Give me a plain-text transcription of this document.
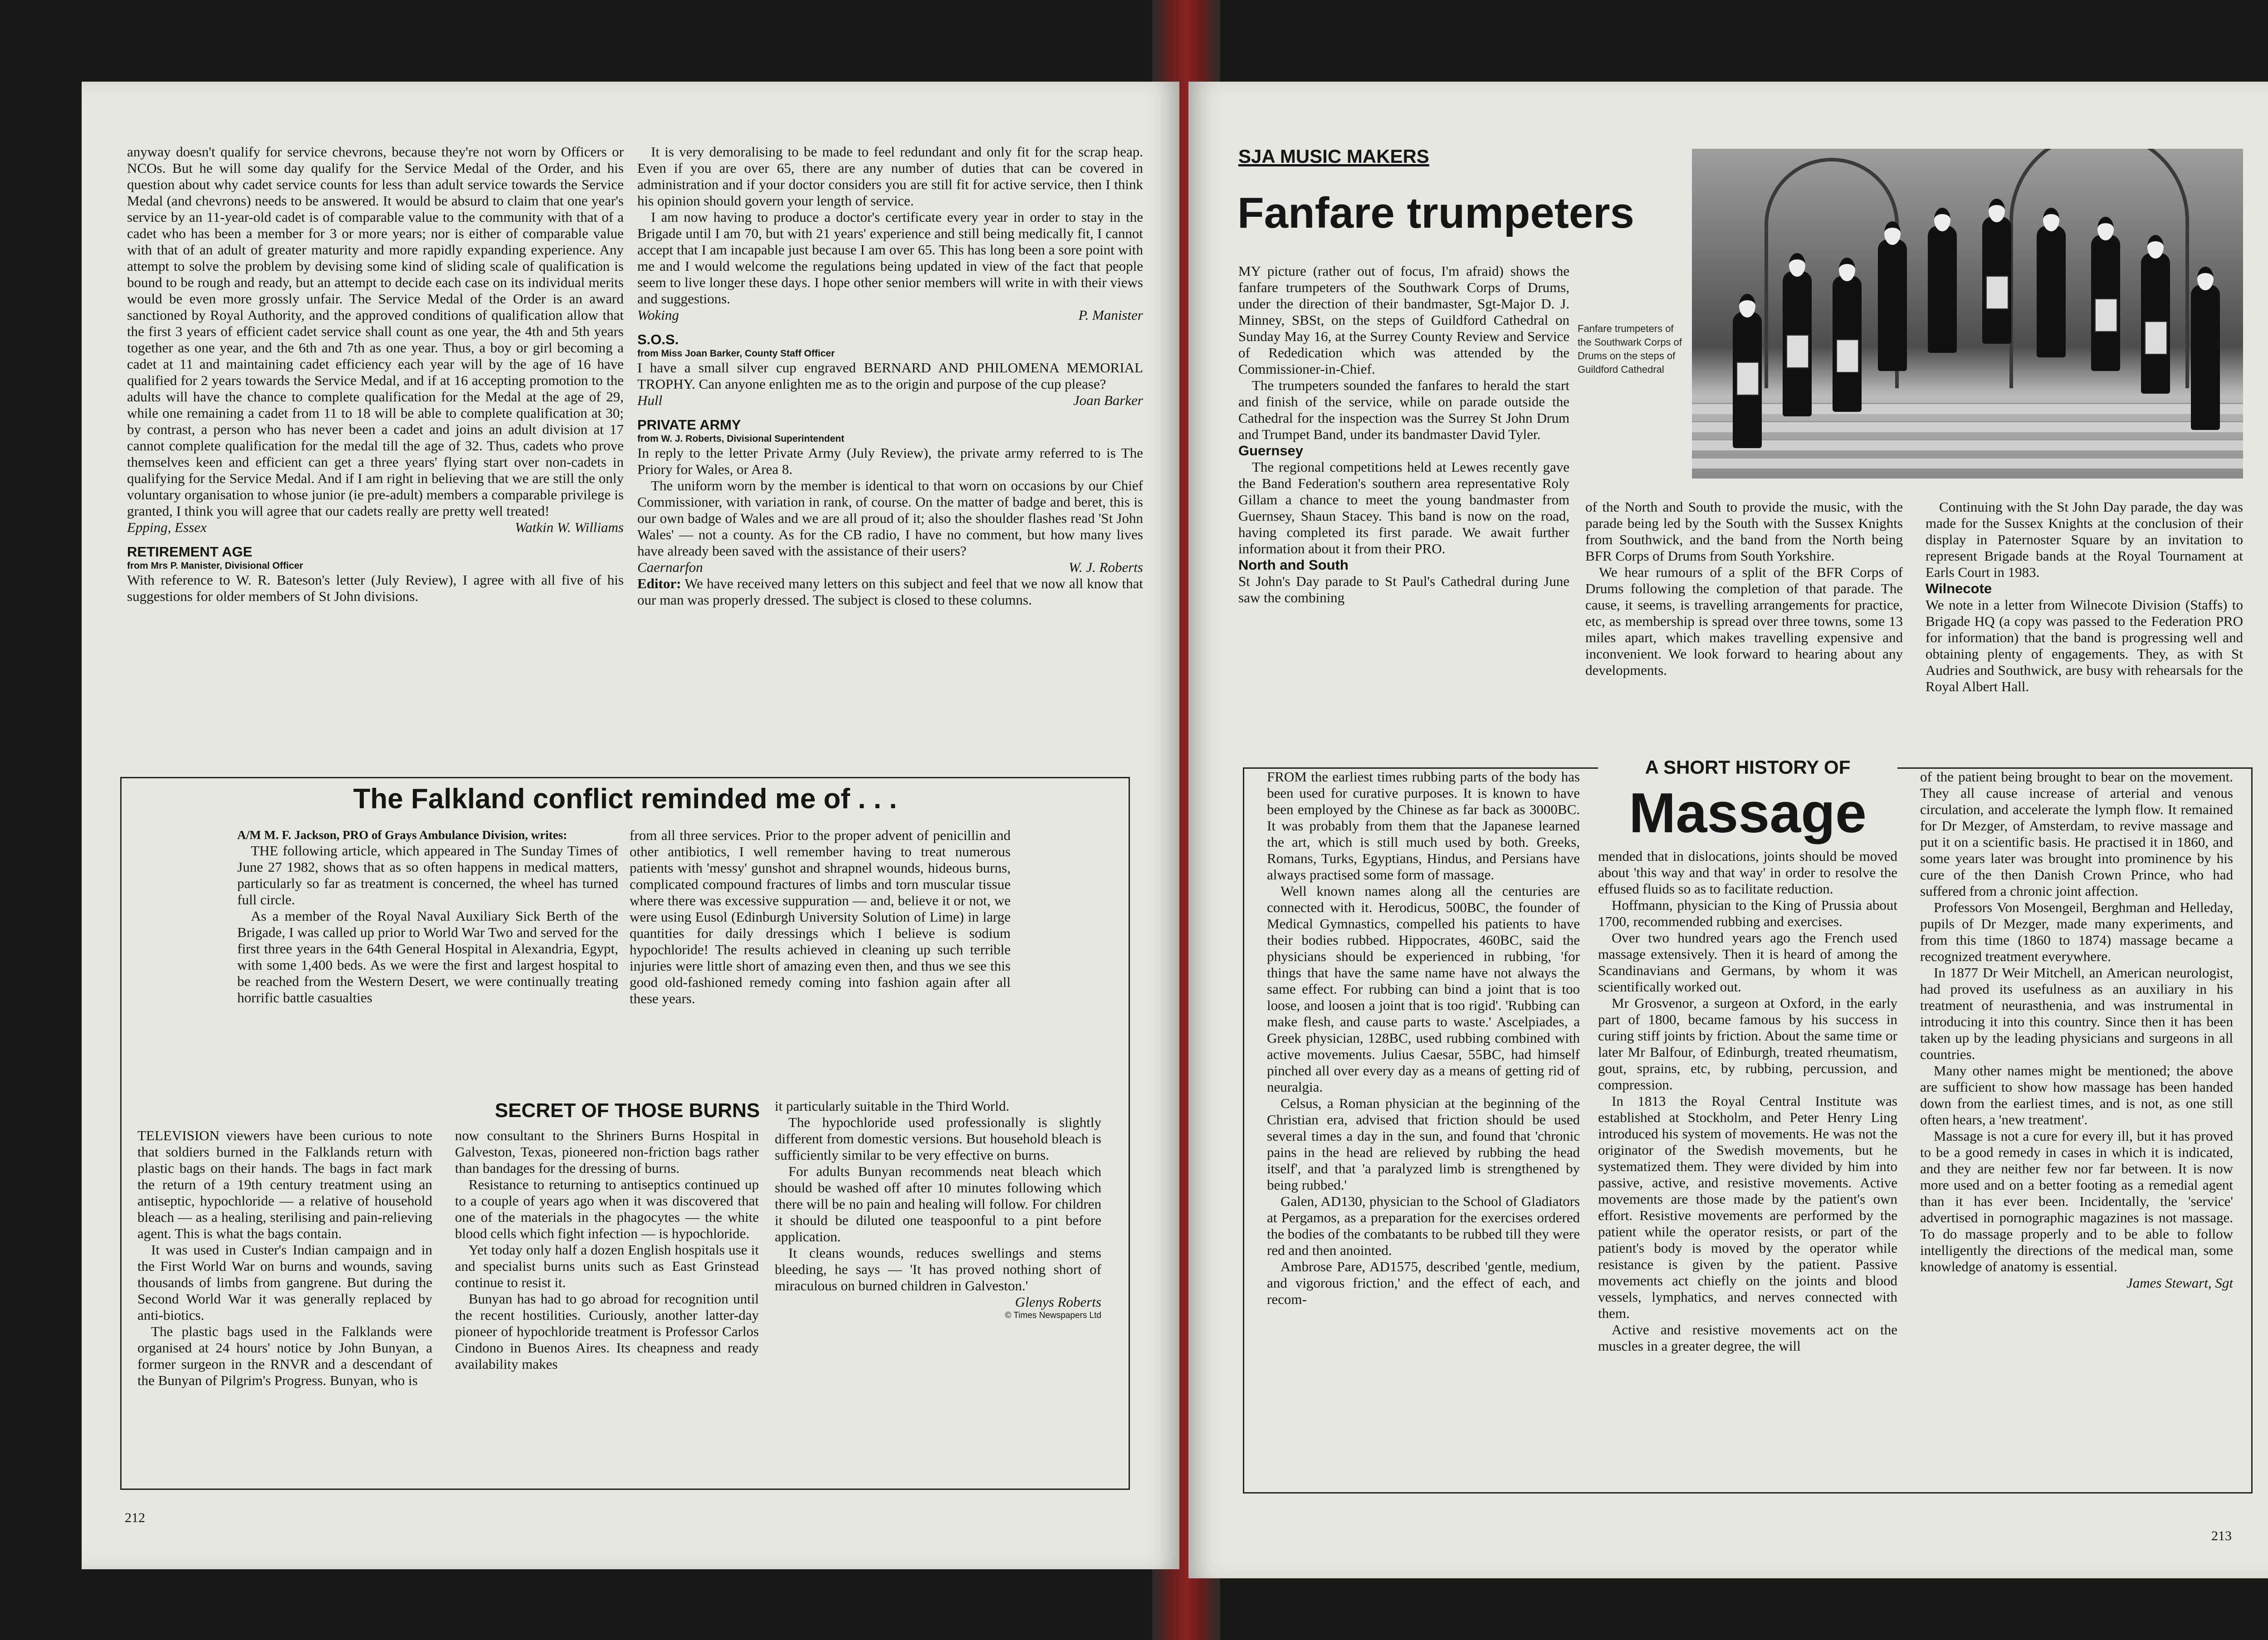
anyway doesn't qualify for service chevrons, because they're not worn by Officers or NCOs. But he will some day qualify for the Service Medal of the Order, and his question about why cadet service counts for less than adult service towards the Service Medal (and chevrons) needs to be answered. It would be absurd to claim that one year's service by an 11-year-old cadet is of comparable value to the community with that of a cadet who has been a member for 3 or more years; nor is either of comparable value with that of an adult of greater maturity and more rapidly expanding experience. Any attempt to solve the problem by devising some kind of sliding scale of qualification is bound to be rough and ready, but an attempt to decide each case on its individual merits would be even more grossly unfair. The Service Medal of the Order is an award sanctioned by Royal Authority, and the approved conditions of qualification allow that the first 3 years of efficient cadet service shall count as one year, the 4th and 5th years together as one year, and the 6th and 7th as one year. Thus, a boy or girl becoming a cadet at 11 and maintaining cadet efficiency each year will by the age of 16 have qualified for 2 years towards the Service Medal, and if at 16 accepting promotion to the adults will have the chance to complete qualification for the Medal at the age of 29, while one remaining a cadet from 11 to 18 will be able to complete qualification at 30; by contrast, a person who has never been a cadet and joins an adult division at 17 cannot complete qualification for the medal till the age of 32. Thus, cadets who prove themselves keen and efficient can get a three years' flying start over non-cadets in qualifying for the Service Medal. And if I am right in believing that we are still the only voluntary organisation to whose junior (ie pre-adult) members a comparable privilege is granted, I think you will agree that our cadets really are pretty well treated!

Epping, Essex	Watkin W. Williams
RETIREMENT AGE
from Mrs P. Manister, Divisional Officer

With reference to W. R. Bateson's letter (July Review), I agree with all five of his suggestions for older members of St John divisions.

It is very demoralising to be made to feel redundant and only fit for the scrap heap. Even if you are over 65, there are any number of duties that can be covered in administration and if your doctor considers you are still fit for active service, then I think his opinion should govern your length of service.

I am now having to produce a doctor's certificate every year in order to stay in the Brigade until I am 70, but with 21 years' experience and still being medically fit, I cannot accept that I am incapable just because I am over 65. This has long been a sore point with me and I would welcome the regulations being updated in view of the fact that people seem to live longer these days. I hope other senior members will write in with their views and suggestions.

Woking	P. Manister
S.O.S.
from Miss Joan Barker, County Staff Officer

I have a small silver cup engraved BERNARD AND PHILOMENA MEMORIAL TROPHY. Can anyone enlighten me as to the origin and purpose of the cup please?

Hull	Joan Barker
PRIVATE ARMY
from W. J. Roberts, Divisional Superintendent

In reply to the letter Private Army (July Review), the private army referred to is The Priory for Wales, or Area 8.

The uniform worn by the member is identical to that worn on occasions by our Chief Commissioner, with variation in rank, of course. On the matter of badge and beret, this is our own badge of Wales and we are all proud of it; also the shoulder flashes read 'St John Wales' — not a county. As for the CB radio, I have no comment, but how many lives have already been saved with the assistance of their users?

Caernarfon	W. J. Roberts

Editor: We have received many letters on this subject and feel that we now all know that our man was properly dressed. The subject is closed to these columns.

The Falkland conflict reminded me of . . .

A/M M. F. Jackson, PRO of Grays Ambulance Division, writes:

THE following article, which appeared in The Sunday Times of June 27 1982, shows that as so often happens in medical matters, particularly so far as treatment is concerned, the wheel has turned full circle.

As a member of the Royal Naval Auxiliary Sick Berth of the Brigade, I was called up prior to World War Two and served for the first three years in the 64th General Hospital in Alexandria, Egypt, with some 1,400 beds. As we were the first and largest hospital to be reached from the Western Desert, we were continually treating horrific battle casualties

from all three services. Prior to the proper advent of penicillin and other antibiotics, I well remember having to treat numerous patients with 'messy' gunshot and shrapnel wounds, hideous burns, complicated compound fractures of limbs and torn muscular tissue where there was excessive suppuration — and, believe it or not, we were using Eusol (Edinburgh University Solution of Lime) in large quantities for daily dressings which I believe is sodium hypochloride! The results achieved in cleaning up such terrible injuries were little short of amazing even then, and thus we see this good old-fashioned remedy coming into fashion again after all these years.

SECRET OF THOSE BURNS

TELEVISION viewers have been curious to note that soldiers burned in the Falklands return with plastic bags on their hands. The bags in fact mark the return of a 19th century treatment using an antiseptic, hypochloride — a relative of household bleach — as a healing, sterilising and pain-relieving agent. This is what the bags contain.

It was used in Custer's Indian campaign and in the First World War on burns and wounds, saving thousands of limbs from gangrene. But during the Second World War it was generally replaced by anti-biotics.

The plastic bags used in the Falklands were organised at 24 hours' notice by John Bunyan, a former surgeon in the RNVR and a descendant of the Bunyan of Pilgrim's Progress. Bunyan, who is

now consultant to the Shriners Burns Hospital in Galveston, Texas, pioneered non-friction bags rather than bandages for the dressing of burns.

Resistance to returning to antiseptics continued up to a couple of years ago when it was discovered that one of the materials in the phagocytes — the white blood cells which fight infection — is hypochloride.

Yet today only half a dozen English hospitals use it and specialist burns units such as East Grinstead continue to resist it.

Bunyan has had to go abroad for recognition until the recent hostilities. Curiously, another latter-day pioneer of hypochloride treatment is Professor Carlos Cindono in Buenos Aires. Its cheapness and ready availability makes

it particularly suitable in the Third World.

The hypochloride used professionally is slightly different from domestic versions. But household bleach is sufficiently similar to be very effective on burns.

For adults Bunyan recommends neat bleach which should be washed off after 10 minutes following which there will be no pain and healing will follow. For children it should be diluted one teaspoonful to a pint before application.

It cleans wounds, reduces swellings and stems bleeding, he says — 'It has proved nothing short of miraculous on burned children in Galveston.'

Glenys Roberts
© Times Newspapers Ltd
212
SJA MUSIC MAKERS
Fanfare trumpeters
Fanfare trumpeters of the Southwark Corps of Drums on the steps of Guildford Cathedral

MY picture (rather out of focus, I'm afraid) shows the fanfare trumpeters of the Southwark Corps of Drums, under the direction of their bandmaster, Sgt-Major D. J. Minney, SBSt, on the steps of Guildford Cathedral on Sunday May 16, at the Surrey County Review and Service of Rededication which was attended by the Commissioner-in-Chief.

The trumpeters sounded the fanfares to herald the start and finish of the service, while on parade outside the Cathedral for the inspection was the Surrey St John Drum and Trumpet Band, under its bandmaster David Tyler.

Guernsey

The regional competitions held at Lewes recently gave the Band Federation's southern area representative Roly Gillam a chance to meet the young bandmaster from Guernsey, Shaun Stacey. This band is now on the road, having completed its first parade. We await further information about it from their PRO.

North and South

St John's Day parade to St Paul's Cathedral during June saw the combining

of the North and South to provide the music, with the parade being led by the South with the Sussex Knights from Southwick, and the band from the North being BFR Corps of Drums from South Yorkshire.

We hear rumours of a split of the BFR Corps of Drums following the completion of that parade. The cause, it seems, is travelling arrangements for practice, etc, as membership is spread over three towns, some 13 miles apart, which makes travelling expensive and inconvenient. We look forward to hearing about any developments.

Continuing with the St John Day parade, the day was made for the Sussex Knights at the conclusion of their display in Paternoster Square by an invitation to represent Brigade bands at the Royal Tournament at Earls Court in 1983.

Wilnecote

We note in a letter from Wilnecote Division (Staffs) to Brigade HQ (a copy was passed to the Federation PRO for information) that the band is progressing well and obtaining plenty of engagements. They, as with St Audries and Southwick, are busy with rehearsals for the Royal Albert Hall.

A SHORT HISTORY OF
Massage

FROM the earliest times rubbing parts of the body has been used for curative purposes. It is known to have been employed by the Chinese as far back as 3000BC. It was probably from them that the Japanese learned the art, which is still much used by both. Greeks, Romans, Turks, Egyptians, Hindus, and Persians have always practised some form of massage.

Well known names along all the centuries are connected with it. Herodicus, 500BC, the founder of Medical Gymnastics, compelled his patients to have their bodies rubbed. Hippocrates, 460BC, said the physicians should be experienced in rubbing, 'for things that have the same name have not always the same effect. For rubbing can bind a joint that is too loose, and loosen a joint that is too rigid'. 'Rubbing can make flesh, and cause parts to waste.' Ascelpiades, a Greek physician, 128BC, used rubbing combined with active movements. Julius Caesar, 55BC, had himself pinched all over every day as a means of getting rid of neuralgia.

Celsus, a Roman physician at the beginning of the Christian era, advised that friction should be used several times a day in the sun, and found that 'chronic pains in the head are relieved by rubbing the head itself', and that 'a paralyzed limb is strengthened by being rubbed.'

Galen, AD130, physician to the School of Gladiators at Pergamos, as a preparation for the exercises ordered the bodies of the combatants to be rubbed till they were red and then anointed.

Ambrose Pare, AD1575, described 'gentle, medium, and vigorous friction,' and the effect of each, and recom-

mended that in dislocations, joints should be moved about 'this way and that way' in order to resolve the effused fluids so as to facilitate reduction.

Hoffmann, physician to the King of Prussia about 1700, recommended rubbing and exercises.

Over two hundred years ago the French used massage extensively. Then it is heard of among the Scandinavians and Germans, by whom it was scientifically worked out.

Mr Grosvenor, a surgeon at Oxford, in the early part of 1800, became famous by his success in curing stiff joints by friction. About the same time or later Mr Balfour, of Edinburgh, treated rheumatism, gout, sprains, etc, by rubbing, percussion, and compression.

In 1813 the Royal Central Institute was established at Stockholm, and Peter Henry Ling introduced his system of movements. He was not the originator of the Swedish movements, but he systematized them. They were divided by him into passive, active, and resistive movements. Active movements are those made by the patient's own effort. Resistive movements are performed by the patient while the operator resists, or part of the patient's body is moved by the operator while resistance is given by the patient. Passive movements act chiefly on the joints and blood vessels, lymphatics, and nerves connected with them.

Active and resistive movements act on the muscles in a greater degree, the will

of the patient being brought to bear on the movement. They all cause increase of arterial and venous circulation, and accelerate the lymph flow. It remained for Dr Mezger, of Amsterdam, to revive massage and put it on a scientific basis. He practised it in 1860, and some years later was brought into prominence by his cure of the then Danish Crown Prince, who had suffered from a chronic joint affection.

Professors Von Mosengeil, Berghman and Helleday, pupils of Dr Mezger, made many experiments, and from this time (1860 to 1874) massage became a recognized treatment everywhere.

In 1877 Dr Weir Mitchell, an American neurologist, had proved its usefulness as an auxiliary in his treatment of neurasthenia, and was instrumental in introducing it into this country. Since then it has been taken up by the leading physicians and surgeons in all countries.

Many other names might be mentioned; the above are sufficient to show how massage has been handed down from the earliest times, and is not, as one still often hears, a 'new treatment'.

Massage is not a cure for every ill, but it has proved to be a good remedy in cases in which it is indicated, and they are neither few nor far between. It is now more used and on a better footing as a remedial agent than it has ever been. Incidentally, the 'service' advertised in pornographic magazines is not massage. To do massage properly and to be able to follow intelligently the directions of the medical man, some knowledge of anatomy is essential.

James Stewart, Sgt
213
